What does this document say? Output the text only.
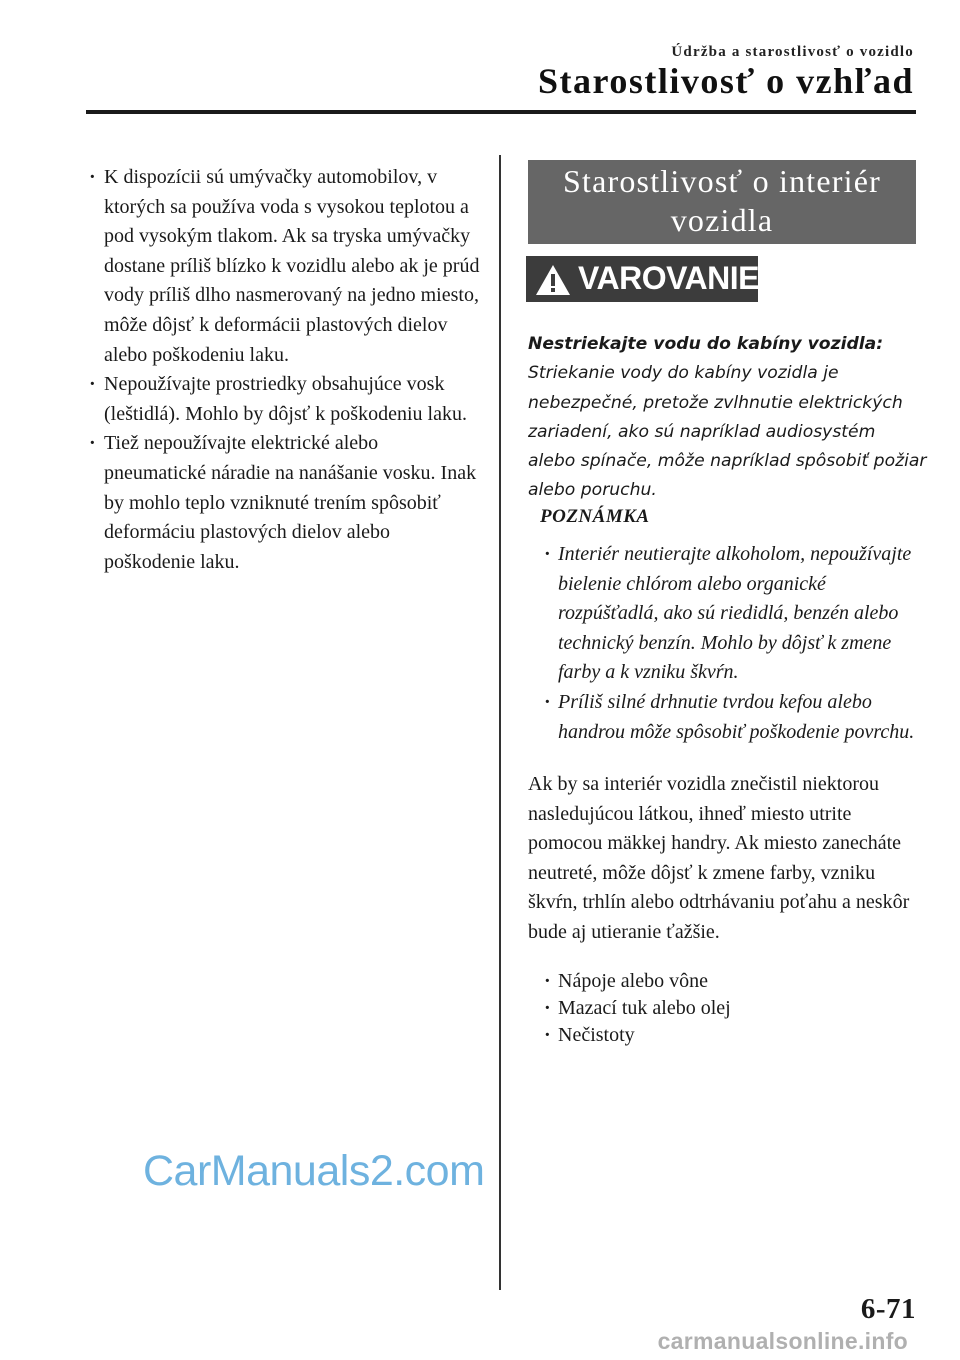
Údržba a starostlivosť o vozidlo
Starostlivosť o vzhľad
· K dispozícii sú umývačky automobilov, v ktorých sa používa voda s vysokou teplotou a pod vysokým tlakom. Ak sa tryska umývačky dostane príliš blízko k vozidlu alebo ak je prúd vody príliš dlho nasmerovaný na jedno miesto, môže dôjsť k deformácii plastových dielov alebo poškodeniu laku.
· Nepoužívajte prostriedky obsahujúce vosk (leštidlá). Mohlo by dôjsť k poškodeniu laku.
· Tiež nepoužívajte elektrické alebo pneumatické náradie na nanášanie vosku. Inak by mohlo teplo vzniknuté trením spôsobiť deformáciu plastových dielov alebo poškodenie laku.
Starostlivosť o interiér
vozidla
VAROVANIE
Nestriekajte vodu do kabíny vozidla: Striekanie vody do kabíny vozidla je nebezpečné, pretože zvlhnutie elektrických zariadení, ako sú napríklad audiosystém alebo spínače, môže napríklad spôsobiť požiar alebo poruchu.
POZNÁMKA
· Interiér neutierajte alkoholom, nepoužívajte bielenie chlórom alebo organické rozpúšťadlá, ako sú riedidlá, benzén alebo technický benzín. Mohlo by dôjsť k zmene farby a k vzniku škvŕn.
· Príliš silné drhnutie tvrdou kefou alebo handrou môže spôsobiť poškodenie povrchu.
Ak by sa interiér vozidla znečistil niektorou nasledujúcou látkou, ihneď miesto utrite pomocou mäkkej handry. Ak miesto zanecháte neutreté, môže dôjsť k zmene farby, vzniku škvŕn, trhlín alebo odtrhávaniu poťahu a neskôr bude aj utieranie ťažšie.
· Nápoje alebo vône
· Mazací tuk alebo olej
· Nečistoty
CarManuals2.com
6-71
carmanualsonline.info
